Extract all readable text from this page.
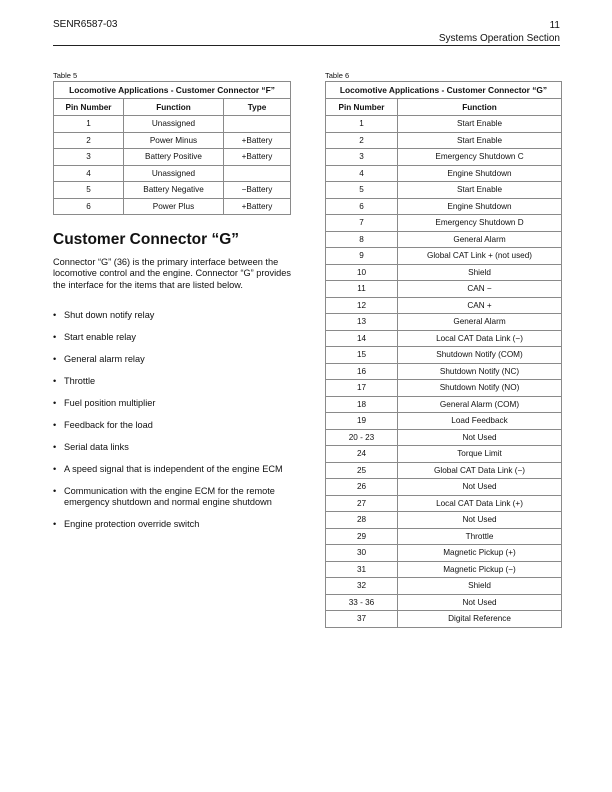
SENR6587-03	11
Systems Operation Section
Table 5
Locomotive Applications - Customer Connector “F”		
Pin Number	Function	Type
1	Unassigned	
2	Power Minus	+Battery
3	Battery Positive	+Battery
4	Unassigned	
5	Battery Negative	−Battery
6	Power Plus	+Battery
Table 6
Locomotive Applications - Customer Connector “G”	
Pin Number	Function
1	Start Enable
2	Start Enable
3	Emergency Shutdown C
4	Engine Shutdown
5	Start Enable
6	Engine Shutdown
7	Emergency Shutdown D
8	General Alarm
9	Global CAT Link + (not used)
10	Shield
11	CAN −
12	CAN +
13	General Alarm
14	Local CAT Data Link (−)
15	Shutdown Notify (COM)
16	Shutdown Notify (NC)
17	Shutdown Notify (NO)
18	General Alarm (COM)
19	Load Feedback
20 - 23	Not Used
24	Torque Limit
25	Global CAT Data Link (−)
26	Not Used
27	Local CAT Data Link (+)
28	Not Used
29	Throttle
30	Magnetic Pickup (+)
31	Magnetic Pickup (−)
32	Shield
33 - 36	Not Used
37	Digital Reference
Customer Connector “G”
Connector “G” (36) is the primary interface between the locomotive control and the engine. Connector “G” provides the interface for the items that are listed below.
• Shut down notify relay
• Start enable relay
• General alarm relay
• Throttle
• Fuel position multiplier
• Feedback for the load
• Serial data links
• A speed signal that is independent of the engine ECM
• Communication with the engine ECM for the remote emergency shutdown and normal engine shutdown
• Engine protection override switch
